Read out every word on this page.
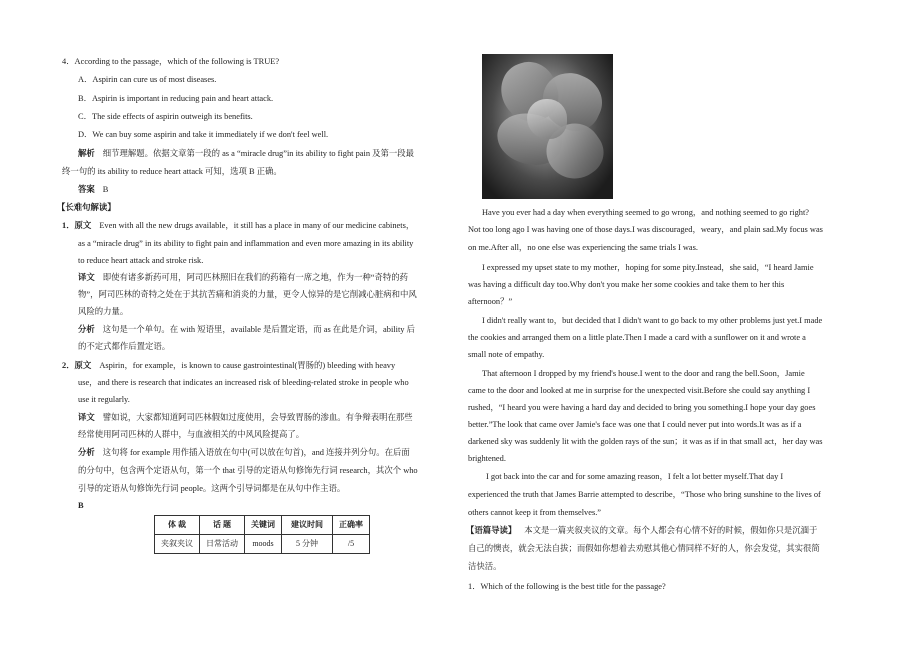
4．According to the passage，which of the following is TRUE?

A．Aspirin can cure us of most diseases.

B．Aspirin is important in reducing pain and heart attack.

C．The side effects of aspirin outweigh its benefits.

D．We can buy some aspirin and take it immediately if we don't feel well.

解析 细节理解题。依据文章第一段的 as a “miracle drug”in its ability to fight pain 及第一段最

终一句的 its ability to reduce heart attack 可知，选项 B 正确。

答案 B

【长难句解读】

1．原文 Even with all the new drugs available，it still has a place in many of our medicine cabinets，

as a “miracle drug” in its ability to fight pain and inflammation and even more amazing in its ability

to reduce heart attack and stroke risk.

译文 即使有诸多新药可用，阿司匹林照旧在我们的药箱有一席之地，作为一种“奇特的药

物”，阿司匹林的奇特之处在于其抗苦痛和消炎的力量，更令人惊异的是它削减心脏病和中风

风险的力量。

分析 这句是一个单句。在 with 短语里，available 是后置定语，而 as 在此是介词，ability 后

的不定式都作后置定语。

2．原文 Aspirin，for example，is known to cause gastrointestinal(胃肠的) bleeding with heavy

use，and there is research that indicates an increased risk of bleeding-related stroke in people who

use it regularly.

译文 譬如说，大家都知道阿司匹林假如过度使用，会导致胃肠的渗血。有争辩表明在那些

经常使用阿司匹林的人群中，与血液相关的中风风险提高了。

分析 这句将 for example 用作插入语放在句中(可以放在句首)，and 连接并列分句。在后面

的分句中，包含两个定语从句，第一个 that 引导的定语从句修饰先行词 research，其次个 who

引导的定语从句修饰先行词 people。这两个引导词都是在从句中作主语。

B

体 裁	话 题	关键词	建议时间	正确率
夹叙夹议	日常活动	moods	5 分钟	/5

Have you ever had a day when everything seemed to go wrong，and nothing seemed to go right?

Not too long ago I was having one of those days.I was discouraged，weary，and plain sad.My focus was

on me.After all，no one else was experiencing the same trials I was.

I expressed my upset state to my mother，hoping for some pity.Instead，she said，“I heard Jamie

was having a difficult day too.Why don't you make her some cookies and take them to her this

afternoon？”

I didn't really want to，but decided that I didn't want to go back to my other problems just yet.I made

the cookies and arranged them on a little plate.Then I made a card with a sunflower on it and wrote a

small note of empathy.

That afternoon I dropped by my friend's house.I went to the door and rang the bell.Soon，Jamie

came to the door and looked at me in surprise for the unexpected visit.Before she could say anything I

rushed，“I heard you were having a hard day and decided to bring you something.I hope your day goes

better.”The look that came over Jamie's face was one that I could never put into words.It was as if a

darkened sky was suddenly lit with the golden rays of the sun；it was as if in that small act，her day was

brightened.

I got back into the car and for some amazing reason，I felt a lot better myself.That day I

experienced the truth that James Barrie attempted to describe，“Those who bring sunshine to the lives of

others cannot keep it from themselves.”

【语篇导读】 本文是一篇夹叙夹议的文章。每个人都会有心情不好的时候，假如你只是沉湎于

自己的懊丧，就会无法自拔；而假如你想着去劝慰其他心情同样不好的人，你会发觉，其实很简

洁快活。

1．Which of the following is the best title for the passage?
